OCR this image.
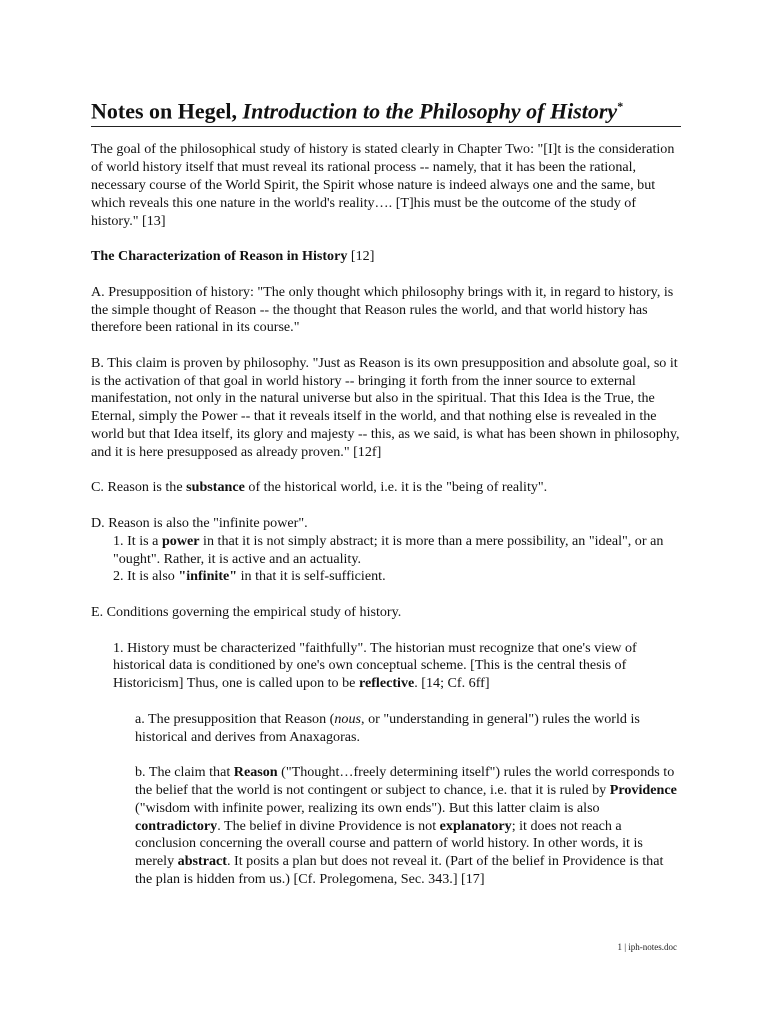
Notes on Hegel, Introduction to the Philosophy of History*

The goal of the philosophical study of history is stated clearly in Chapter Two: "[I]t is the consideration of world history itself that must reveal its rational process -- namely, that it has been the rational, necessary course of the World Spirit, the Spirit whose nature is indeed always one and the same, but which reveals this one nature in the world's reality…. [T]his must be the outcome of the study of history." [13]

The Characterization of Reason in History [12]

A. Presupposition of history: "The only thought which philosophy brings with it, in regard to history, is the simple thought of Reason -- the thought that Reason rules the world, and that world history has therefore been rational in its course."

B. This claim is proven by philosophy. "Just as Reason is its own presupposition and absolute goal, so it is the activation of that goal in world history -- bringing it forth from the inner source to external manifestation, not only in the natural universe but also in the spiritual. That this Idea is the True, the Eternal, simply the Power -- that it reveals itself in the world, and that nothing else is revealed in the world but that Idea itself, its glory and majesty -- this, as we said, is what has been shown in philosophy, and it is here presupposed as already proven." [12f]

C. Reason is the substance of the historical world, i.e. it is the "being of reality".

D. Reason is also the "infinite power".

1. It is a power in that it is not simply abstract; it is more than a mere possibility, an "ideal", or an "ought". Rather, it is active and an actuality.

2. It is also "infinite" in that it is self-sufficient.

E. Conditions governing the empirical study of history.

1. History must be characterized "faithfully". The historian must recognize that one's view of historical data is conditioned by one's own conceptual scheme. [This is the central thesis of Historicism] Thus, one is called upon to be reflective. [14; Cf. 6ff]

a. The presupposition that Reason (nous, or "understanding in general") rules the world is historical and derives from Anaxagoras.

b. The claim that Reason ("Thought…freely determining itself") rules the world corresponds to the belief that the world is not contingent or subject to chance, i.e. that it is ruled by Providence ("wisdom with infinite power, realizing its own ends"). But this latter claim is also contradictory. The belief in divine Providence is not explanatory; it does not reach a conclusion concerning the overall course and pattern of world history. In other words, it is merely abstract. It posits a plan but does not reveal it. (Part of the belief in Providence is that the plan is hidden from us.) [Cf. Prolegomena, Sec. 343.] [17]

1 | iph-notes.doc
